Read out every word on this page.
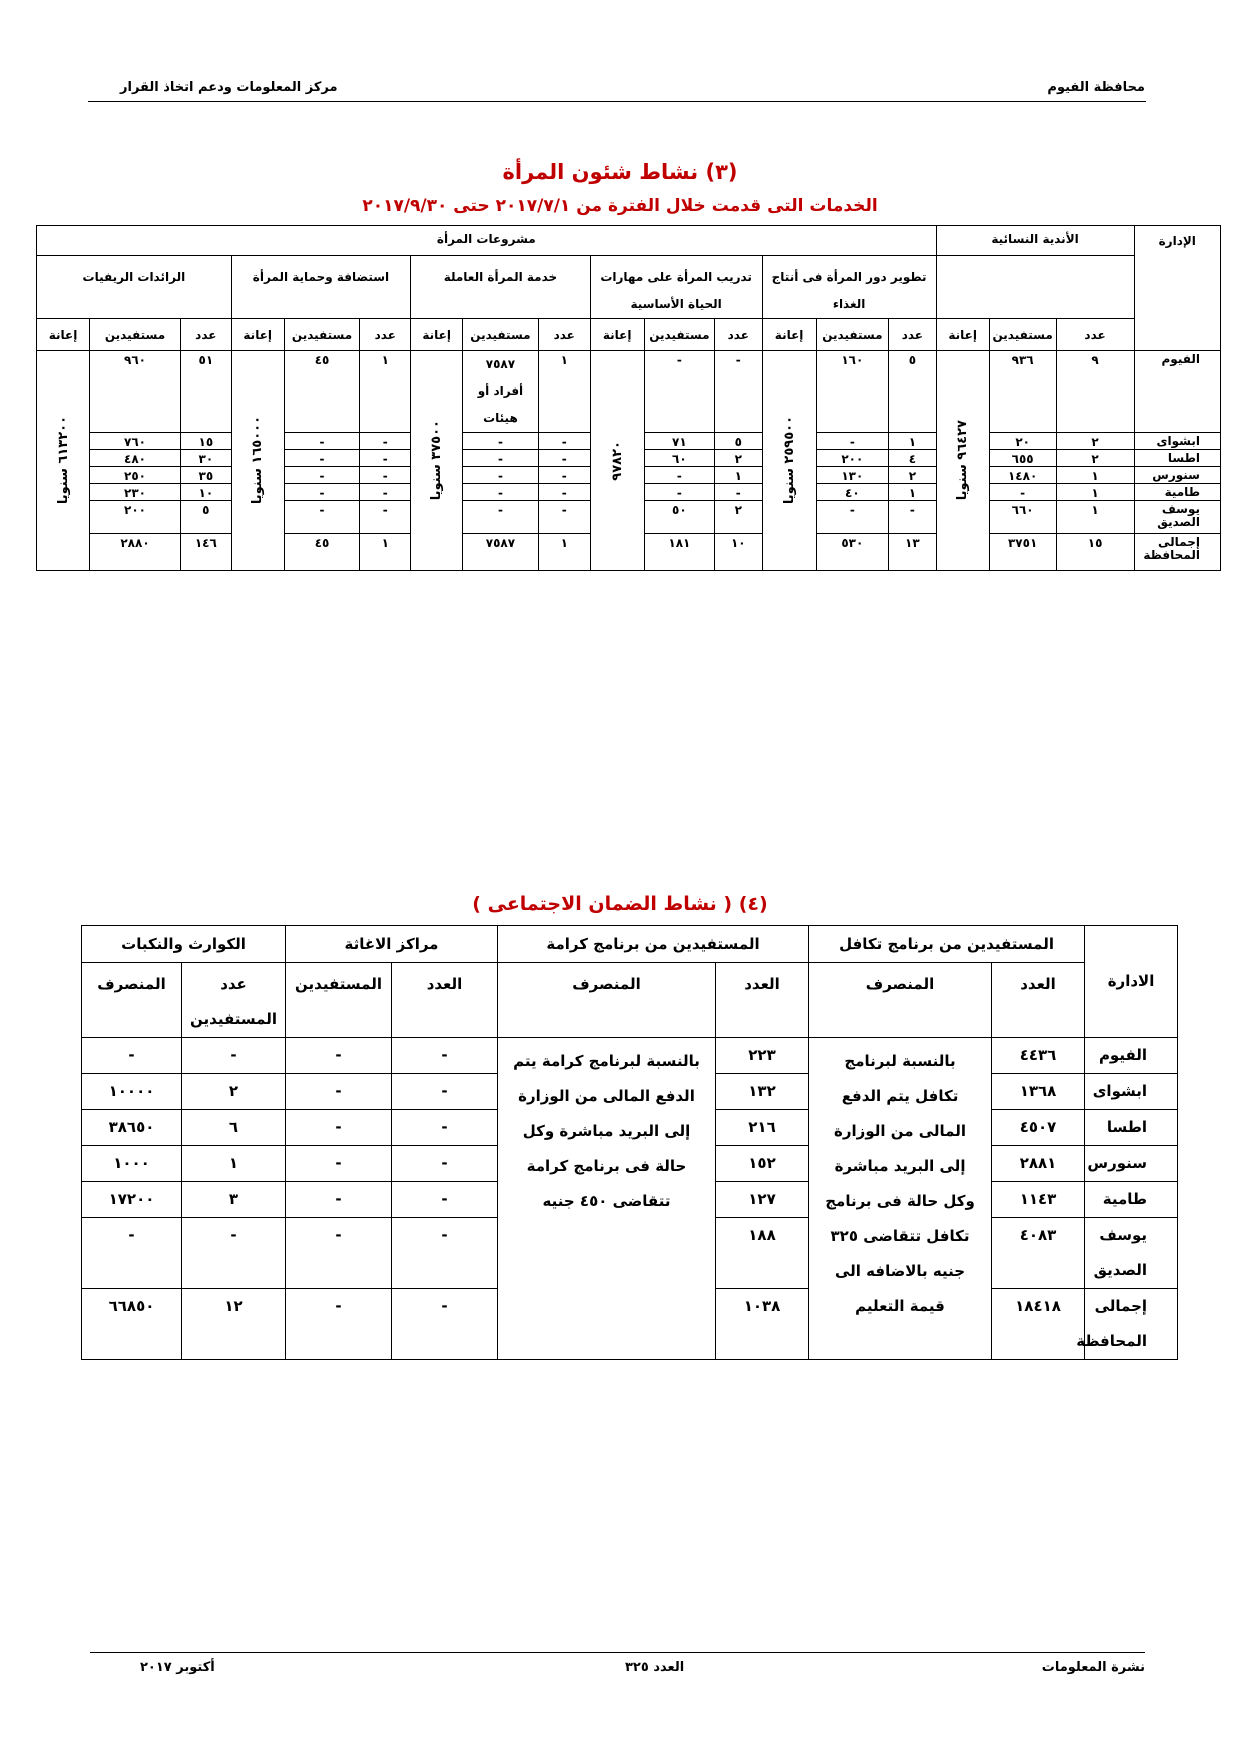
محافظة الفيوم
مركز المعلومات ودعم اتخاذ القرار
(٣) نشاط شئون المرأة
الخدمات التى قدمت خلال الفترة من ٢٠١٧/٧/١ حتى ٢٠١٧/٩/٣٠
الإدارة	الأندية النسائية			مشروعات المرأة														
				تطوير دور المرأة فى أنتاج الغذاء			تدريب المرأة على مهارات الحياة الأساسية			خدمة المرأة العاملة			استضافة وحماية المرأة			الرائدات الريفيات		
	عدد	مستفيدين	إعانة	عدد	مستفيدين	إعانة	عدد	مستفيدين	إعانة	عدد	مستفيدين	إعانة	عدد	مستفيدين	إعانة	عدد	مستفيدين	إعانة
الفيوم	٩	٩٣٦	٩٦٤٢٧ سنويا	٥	١٦٠	٢٥٩٥٠٠ سنويا	-	-	٩٧٨٢٠	١	٧٥٨٧ أفراد أو هيئات	٣٧٥٠٠ سنويا	١	٤٥	١٦٥٠٠٠ سنويا	٥١	٩٦٠	٦١٣٢٠٠ سنويا

ابشواى	٢	٢٠		١	-		٥	٧١		-	-		-	-		١٥	٧٦٠	
اطسا	٢	٦٥٥		٤	٢٠٠		٢	٦٠		-	-		-	-		٣٠	٤٨٠	
سنورس	١	١٤٨٠		٢	١٣٠		١	-		-	-		-	-		٣٥	٢٥٠	
طامية	١	-		١	٤٠		-	-		-	-		-	-		١٠	٢٣٠	
يوسف الصديق	١	٦٦٠		-	-		٢	٥٠		-	-		-	-		٥	٢٠٠	
إجمالى المحافظة	١٥	٣٧٥١		١٣	٥٣٠		١٠	١٨١		١	٧٥٨٧		١	٤٥		١٤٦	٢٨٨٠	
(٤) ( نشاط الضمان الاجتماعى )
الادارة	المستفيدين من برنامج تكافل		المستفيدين من برنامج كرامة		مراكز الاغاثة		الكوارث والنكبات	
	العدد	المنصرف	العدد	المنصرف	العدد	المستفيدين	عدد المستفيدين	المنصرف
الفيوم	٤٤٣٦	بالنسبة لبرنامج تكافل يتم الدفع المالى من الوزارة إلى البريد مباشرة وكل حالة فى برنامج تكافل تتقاضى ٣٢٥ جنيه بالاضافه الى قيمة التعليم	٢٢٣	بالنسبة لبرنامج كرامة يتم الدفع المالى من الوزارة إلى البريد مباشرة وكل حالة فى برنامج كرامة تتقاضى ٤٥٠ جنيه	-	-	-	-
ابشواى	١٣٦٨		١٣٢		-	-	٢	١٠٠٠٠
اطسا	٤٥٠٧		٢١٦		-	-	٦	٣٨٦٥٠
سنورس	٢٨٨١		١٥٢		-	-	١	١٠٠٠
طامية	١١٤٣		١٢٧		-	-	٣	١٧٢٠٠
يوسف الصديق	٤٠٨٣		١٨٨		-	-	-	-
إجمالى المحافظة	١٨٤١٨		١٠٣٨		-	-	١٢	٦٦٨٥٠
نشرة المعلومات
العدد ٣٢٥
أكتوبر ٢٠١٧
